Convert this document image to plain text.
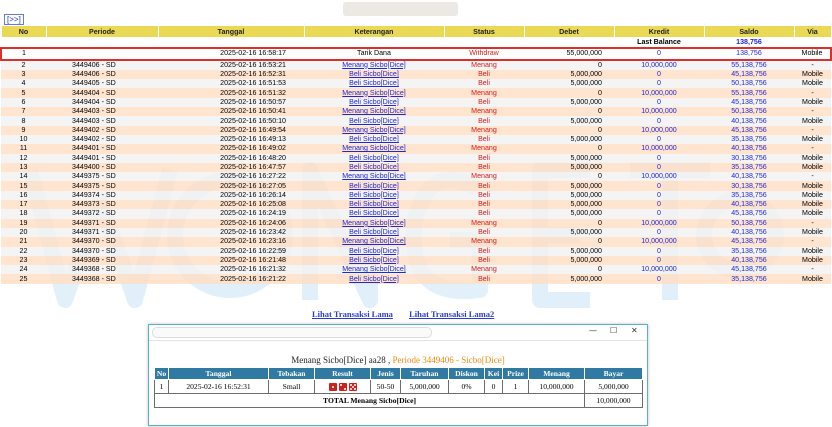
[>>]
No	Periode	Tanggal	Keterangan	Status	Debet	Kredit	Saldo	Via
						Last Balance	138,756	
1		2025-02-16 16:58:17	Tarik Dana	Withdraw	55,000,000	0	138,756	Mobile
2	3449406 - SD	2025-02-16 16:53:21	Menang Sicbo[Dice]	Menang	0	10,000,000	55,138,756	-
3	3449406 - SD	2025-02-16 16:52:31	Beli Sicbo[Dice]	Beli	5,000,000	0	45,138,756	Mobile
4	3449405 - SD	2025-02-16 16:51:53	Beli Sicbo[Dice]	Beli	5,000,000	0	50,138,756	Mobile
5	3449404 - SD	2025-02-16 16:51:32	Menang Sicbo[Dice]	Menang	0	10,000,000	55,138,756	-
6	3449404 - SD	2025-02-16 16:50:57	Beli Sicbo[Dice]	Beli	5,000,000	0	45,138,756	Mobile
7	3449403 - SD	2025-02-16 16:50:41	Menang Sicbo[Dice]	Menang	0	10,000,000	50,138,756	-
8	3449403 - SD	2025-02-16 16:50:10	Beli Sicbo[Dice]	Beli	5,000,000	0	40,138,756	Mobile
9	3449402 - SD	2025-02-16 16:49:54	Menang Sicbo[Dice]	Menang	0	10,000,000	45,138,756	-
10	3449402 - SD	2025-02-16 16:49:13	Beli Sicbo[Dice]	Beli	5,000,000	0	35,138,756	Mobile
11	3449401 - SD	2025-02-16 16:49:02	Menang Sicbo[Dice]	Menang	0	10,000,000	40,138,756	-
12	3449401 - SD	2025-02-16 16:48:20	Beli Sicbo[Dice]	Beli	5,000,000	0	30,138,756	Mobile
13	3449400 - SD	2025-02-16 16:47:57	Beli Sicbo[Dice]	Beli	5,000,000	0	35,138,756	Mobile
14	3449375 - SD	2025-02-16 16:27:22	Menang Sicbo[Dice]	Menang	0	10,000,000	40,138,756	-
15	3449375 - SD	2025-02-16 16:27:05	Beli Sicbo[Dice]	Beli	5,000,000	0	30,138,756	Mobile
16	3449374 - SD	2025-02-16 16:26:14	Beli Sicbo[Dice]	Beli	5,000,000	0	35,138,756	Mobile
17	3449373 - SD	2025-02-16 16:25:08	Beli Sicbo[Dice]	Beli	5,000,000	0	40,138,756	Mobile
18	3449372 - SD	2025-02-16 16:24:19	Beli Sicbo[Dice]	Beli	5,000,000	0	45,138,756	Mobile
19	3449371 - SD	2025-02-16 16:24:06	Menang Sicbo[Dice]	Menang	0	10,000,000	50,138,756	-
20	3449371 - SD	2025-02-16 16:23:42	Beli Sicbo[Dice]	Beli	5,000,000	0	40,138,756	Mobile
21	3449370 - SD	2025-02-16 16:23:16	Menang Sicbo[Dice]	Menang	0	10,000,000	45,138,756	-
22	3449370 - SD	2025-02-16 16:22:59	Beli Sicbo[Dice]	Beli	5,000,000	0	35,138,756	Mobile
23	3449369 - SD	2025-02-16 16:21:48	Beli Sicbo[Dice]	Beli	5,000,000	0	40,138,756	Mobile
24	3449368 - SD	2025-02-16 16:21:32	Menang Sicbo[Dice]	Menang	0	10,000,000	45,138,756	-
25	3449368 - SD	2025-02-16 16:21:22	Beli Sicbo[Dice]	Beli	5,000,000	0	35,138,756	Mobile
Lihat Transaksi Lama Lihat Transaksi Lama2
— ☐ ✕
Menang Sicbo[Dice] aa28 , Periode 3449406 - Sicbo[Dice]
No	Tanggal	Tebakan	Result	Jenis	Taruhan	Diskon	Kei	Prize	Menang	Bayar
1	2025-02-16 16:52:31	Small		50-50	5,000,000	0%	0	1	10,000,000	5,000,000
TOTAL Menang Sicbo[Dice]										10,000,000
